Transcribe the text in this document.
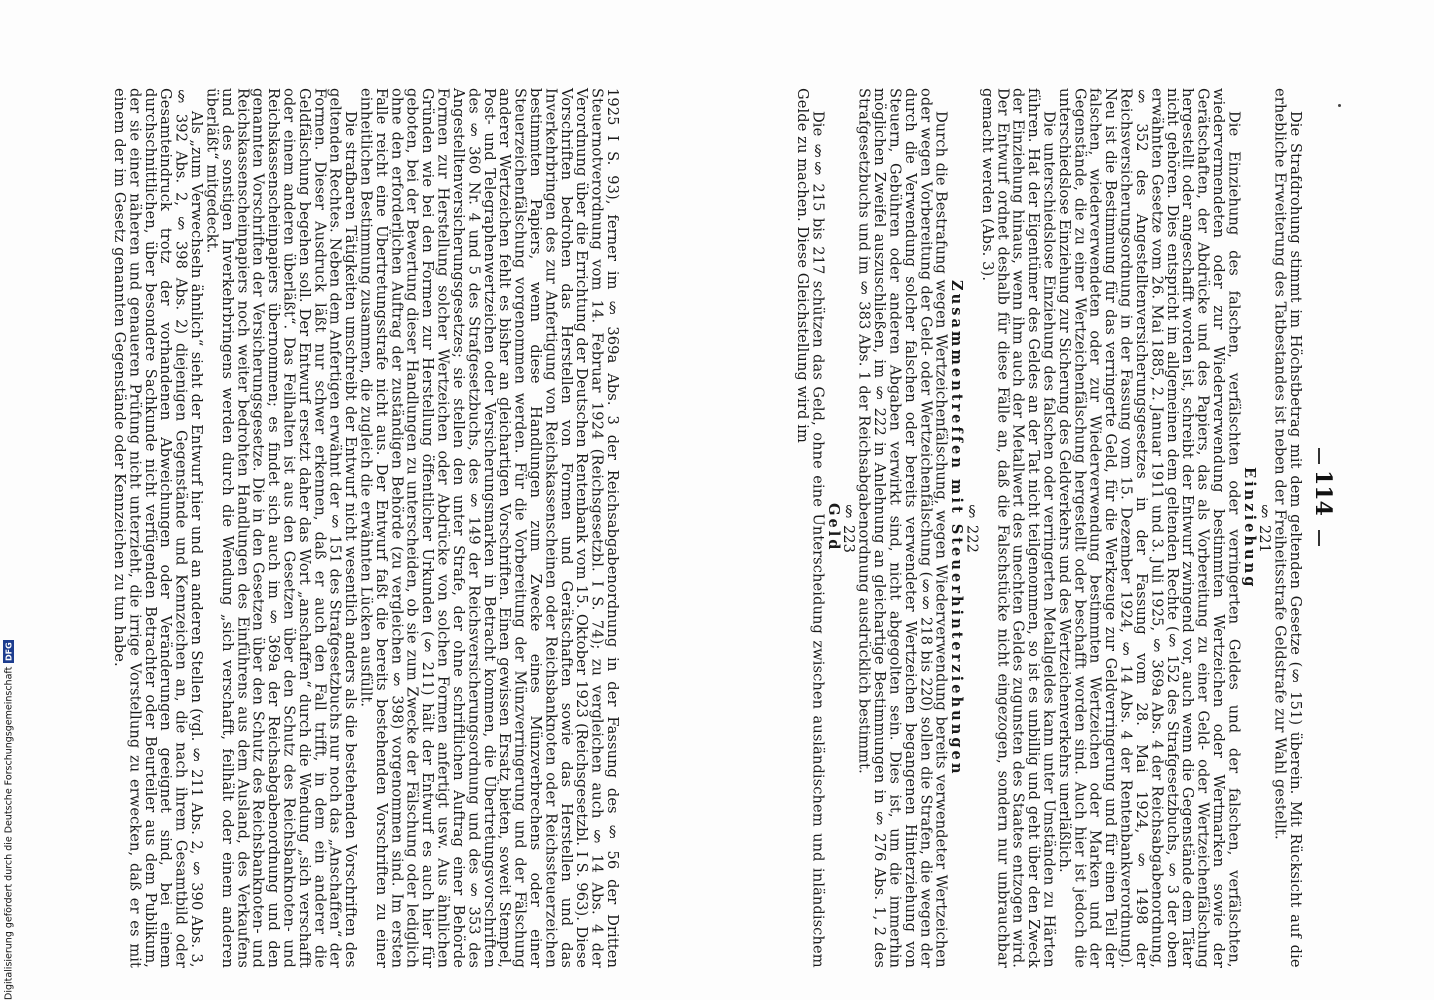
114

Die Strafdrohung stimmt im Höchstbetrag mit dem geltenden Gesetze (§ 151) überein. Mit Rücksicht auf die erhebliche Erweiterung des Tatbestandes ist neben der Freiheitsstrafe Geldstrafe zur Wahl gestellt.

§ 221

Einziehung

Die Einziehung des falschen, verfälschten oder verringerten Geldes und der falschen, verfälschten, wiedervermendeten oder zur Wiederverwendung bestimmten Wertzeichen oder Wertmarken sowie der Gerätschaften, der Abdrücke und des Papiers, das als Vorbereitung zu einer Geld- oder Wertzeichenfälschung hergestellt oder angeschafft worden ist, schreibt der Entwurf zwingend vor, auch wenn die Gegenstände dem Täter nicht gehören. Dies entspricht im allgemeinen dem geltenden Rechte (§ 152 des Strafgesetzbuchs, § 3 der oben erwähnten Gesetze vom 26. Mai 1885, 2. Januar 1911 und 3. Juli 1925, § 369a Abs. 4 der Reichsabgabenordnung, § 352 des Angestelltenversicherungsgesetzes in der Fassung vom 28. Mai 1924, § 1498 der Reichsversicherungsordnung in der Fassung vom 15. Dezember 1924, § 14 Abs. 4 der Rentenbankverordnung). Neu ist die Bestimmung für das verringerte Geld, für die Werkzeuge zur Geldverringerung und für einen Teil der falschen, wiederverwendeten oder zur Wiederverwendung bestimmten Wertzeichen oder Marken und der Gegenstände, die zu einer Wertzeichenfälschung hergestellt oder beschafft worden sind. Auch hier ist jedoch die unterschiedslose Einziehung zur Sicherung des Geldverkehrs und des Wertzeichenverkehrs unerläßlich.

Die unterschiedslose Einziehung des falschen oder verringerten Metallgeldes kann unter Umständen zu Härten führen. Hat der Eigentümer des Geldes an der Tat nicht teilgenommen, so ist es unbillig und geht über den Zweck der Einziehung hinaus, wenn ihm auch der Metallwert des unechten Geldes zugunsten des Staates entzogen wird. Der Entwurf ordnet deshalb für diese Fälle an, daß die Falschstücke nicht eingezogen, sondern nur unbrauchbar gemacht werden (Abs. 3).

§ 222

Zusammentreffen mit Steuerhinterziehungen

Durch die Bestrafung wegen Wertzeichenfälschung, wegen Wiederverwendung bereits verwendeter Wertzeichen oder wegen Vorbereitung der Geld- oder Wertzeichenfälschung (§§ 218 bis 220) sollen die Strafen, die wegen der durch die Verwendung solcher falschen oder bereits verwendeter Wertzeichen begangenen Hinterziehung von Steuern, Gebühren oder anderen Abgaben verwirkt sind, nicht abgegolten sein. Dies ist, um die immerhin möglichen Zweifel auszuschließen, im § 222 in Anlehnung an gleichartige Bestimmungen in § 276 Abs. 1, 2 des Strafgesetzbuchs und im § 383 Abs. 1 der Reichsabgabenordnung ausdrücklich bestimmt.

§ 223

Geld

Die §§ 215 bis 217 schützen das Geld, ohne eine Unterscheidung zwischen ausländischem und inländischem Gelde zu machen. Diese Gleichstellung wird im

1925 I S. 93), ferner im § 369a Abs. 3 der Reichsabgabenordnung in der Fassung des § 56 der Dritten Steuernotverordnung vom 14. Februar 1924 (Reichsgesetzbl. I S. 74); zu vergleichen auch § 14 Abs. 4 der Verordnung über die Errichtung der Deutschen Rentenbank vom 15. Oktober 1923 (Reichsgesetzbl. I S. 963). Diese Vorschriften bedrohen das Herstellen von Formen und Gerätschaften sowie das Herstellen und das Inverkehrbringen des zur Anfertigung von Reichskassenscheinen oder Reichsbanknoten oder Reichssteuerzeichen bestimmten Papiers, wenn diese Handlungen zum Zwecke eines Münzverbrechens oder einer Steuerzeichenfälschung vorgenommen werden. Für die Vorbereitung der Münzverringerung und der Fälschung anderer Wertzeichen fehlt es bisher an gleichartigen Vorschriften. Einen gewissen Ersatz bieten, soweit Stempel, Post- und Telegraphenwertzeichen oder Versicherungsmarken in Betracht kommen, die Übertretungsvorschriften des § 360 Nr. 4 und 5 des Strafgesetzbuchs, des § 149 der Reichsversicherungsordnung und des § 353 des Angestelltenversicherungsgesetzes; sie stellen den unter Strafe, der ohne schriftlichen Auftrag einer Behörde Formen zur Herstellung solcher Wertzeichen oder Abdrücke von solchen Formen anfertigt usw. Aus ähnlichen Gründen wie bei den Formen zur Herstellung öffentlicher Urkunden (§ 211) hält der Entwurf es auch hier für geboten, bei der Bewertung dieser Handlungen zu unterscheiden, ob sie zum Zwecke der Fälschung oder lediglich ohne den erforderlichen Auftrag der zuständigen Behörde (zu vergleichen § 398) vorgenommen sind. Im ersten Falle reicht eine Übertretungsstrafe nicht aus. Der Entwurf faßt die bereits bestehenden Vorschriften zu einer einheitlichen Bestimmung zusammen, die zugleich die erwähnten Lücken ausfüllt.

Die strafbaren Tätigkeiten umschreibt der Entwurf nicht wesentlich anders als die bestehenden Vorschriften des geltenden Rechtes. Neben dem Anfertigen erwähnt der § 151 des Strafgesetzbuchs nur noch das „Anschaffen“ der Formen. Dieser Ausdruck läßt nur schwer erkennen, daß er auch den Fall trifft, in dem ein anderer die Geldfälschung begehen soll. Der Entwurf ersetzt daher das Wort „anschaffen“ durch die Wendung „sich verschafft oder einem anderen überläßt“. Das Feilhalten ist aus den Gesetzen über den Schutz des Reichsbanknoten- und Reichskassenscheinpapiers übernommen; es findet sich auch im § 369a der Reichsabgabenordnung und den genannten Vorschriften der Versicherungsgesetze. Die in den Gesetzen über den Schutz des Reichsbanknoten- und Reichskassenscheinpapiers noch weiter bedrohten Handlungen des Einführens aus dem Ausland, des Verkaufens und des sonstigen Inverkehrbringens werden durch die Wendung „sich verschafft, feilhält oder einem anderen überläßt“ mitgedeckt.

Als „zum Verwechseln ähnlich“ sieht der Entwurf hier und an anderen Stellen (vgl. § 211 Abs. 2, § 390 Abs. 3, § 392 Abs. 2, § 398 Abs. 2) diejenigen Gegenstände und Kennzeichen an, die nach ihrem Gesamtbild oder Gesamteindruck trotz der vorhandenen Abweichungen oder Veränderungen geeignet sind, bei einem durchschnittlichen, über besondere Sachkunde nicht verfügenden Betrachter oder Beurteiler aus dem Publikum, der sie einer näheren und genaueren Prüfung nicht unterzieht, die irrige Vorstellung zu erwecken, daß er es mit einem der im Gesetz genannten Gegenstände oder Kennzeichen zu tun habe.

Digitalisierung gefördert durch die Deutsche Forschungsgemeinschaft
DFG
